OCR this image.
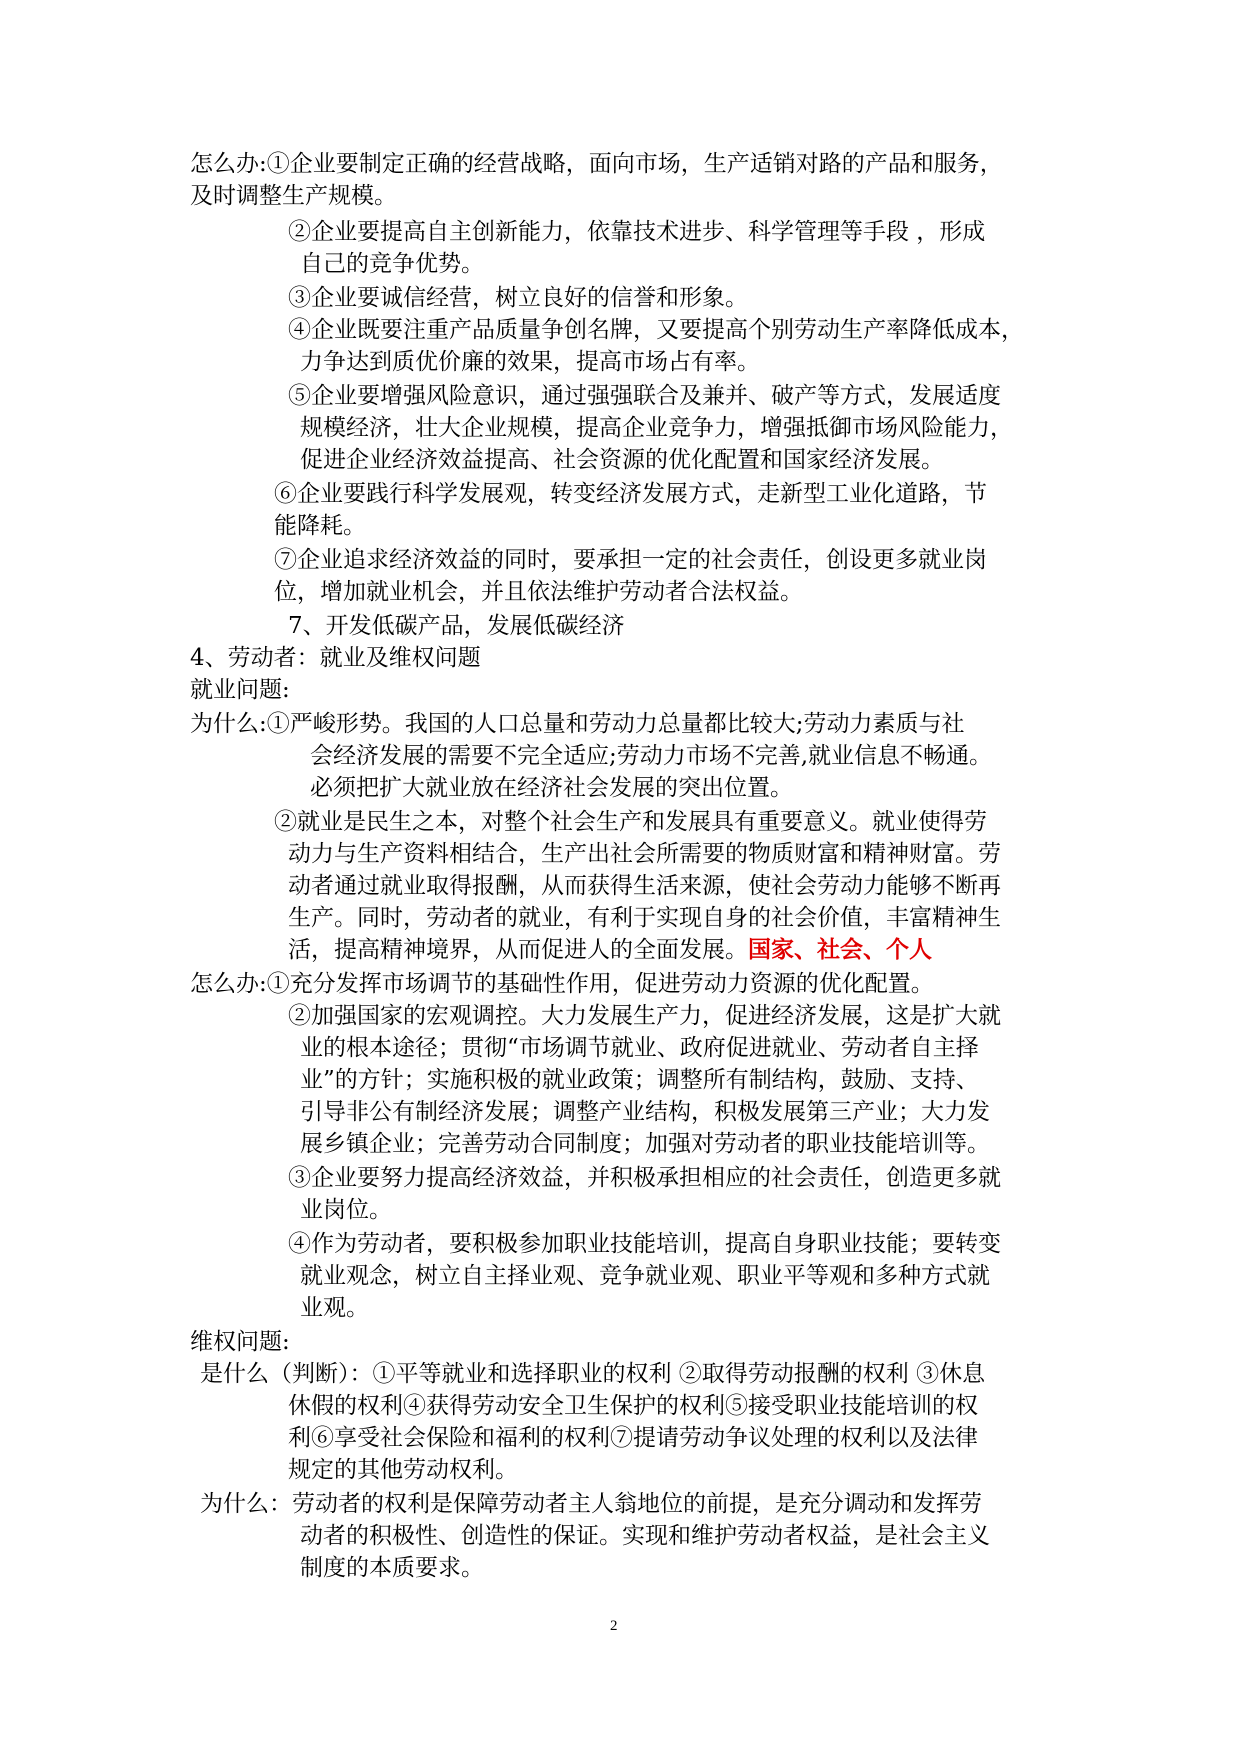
怎么办:①企业要制定正确的经营战略，面向市场，生产适销对路的产品和服务，
及时调整生产规模。
②企业要提高自主创新能力，依靠技术进步、科学管理等手段 ，形成
自己的竞争优势。
③企业要诚信经营，树立良好的信誉和形象。
④企业既要注重产品质量争创名牌，又要提高个别劳动生产率降低成本，
力争达到质优价廉的效果，提高市场占有率。
⑤企业要增强风险意识，通过强强联合及兼并、破产等方式，发展适度
规模经济，壮大企业规模，提高企业竞争力，增强抵御市场风险能力，
促进企业经济效益提高、社会资源的优化配置和国家经济发展。
⑥企业要践行科学发展观，转变经济发展方式，走新型工业化道路，节
能降耗。
⑦企业追求经济效益的同时，要承担一定的社会责任，创设更多就业岗
位，增加就业机会，并且依法维护劳动者合法权益。
7、开发低碳产品，发展低碳经济
4、劳动者：就业及维权问题
就业问题:
为什么:①严峻形势。我国的人口总量和劳动力总量都比较大;劳动力素质与社
会经济发展的需要不完全适应;劳动力市场不完善,就业信息不畅通。
必须把扩大就业放在经济社会发展的突出位置。
②就业是民生之本，对整个社会生产和发展具有重要意义。就业使得劳
动力与生产资料相结合，生产出社会所需要的物质财富和精神财富。劳
动者通过就业取得报酬，从而获得生活来源，使社会劳动力能够不断再
生产。同时，劳动者的就业，有利于实现自身的社会价值，丰富精神生
活，提高精神境界，从而促进人的全面发展。国家、社会、个人
怎么办:①充分发挥市场调节的基础性作用，促进劳动力资源的优化配置。
②加强国家的宏观调控。大力发展生产力，促进经济发展，这是扩大就
业的根本途径；贯彻“市场调节就业、政府促进就业、劳动者自主择
业”的方针；实施积极的就业政策；调整所有制结构，鼓励、支持、
引导非公有制经济发展；调整产业结构，积极发展第三产业；大力发
展乡镇企业；完善劳动合同制度；加强对劳动者的职业技能培训等。
③企业要努力提高经济效益，并积极承担相应的社会责任，创造更多就
业岗位。
④作为劳动者，要积极参加职业技能培训，提高自身职业技能；要转变
就业观念，树立自主择业观、竞争就业观、职业平等观和多种方式就
业观。
维权问题:
是什么（判断）：①平等就业和选择职业的权利 ②取得劳动报酬的权利 ③休息
休假的权利④获得劳动安全卫生保护的权利⑤接受职业技能培训的权
利⑥享受社会保险和福利的权利⑦提请劳动争议处理的权利以及法律
规定的其他劳动权利。
为什么：劳动者的权利是保障劳动者主人翁地位的前提，是充分调动和发挥劳
动者的积极性、创造性的保证。实现和维护劳动者权益，是社会主义
制度的本质要求。
2
